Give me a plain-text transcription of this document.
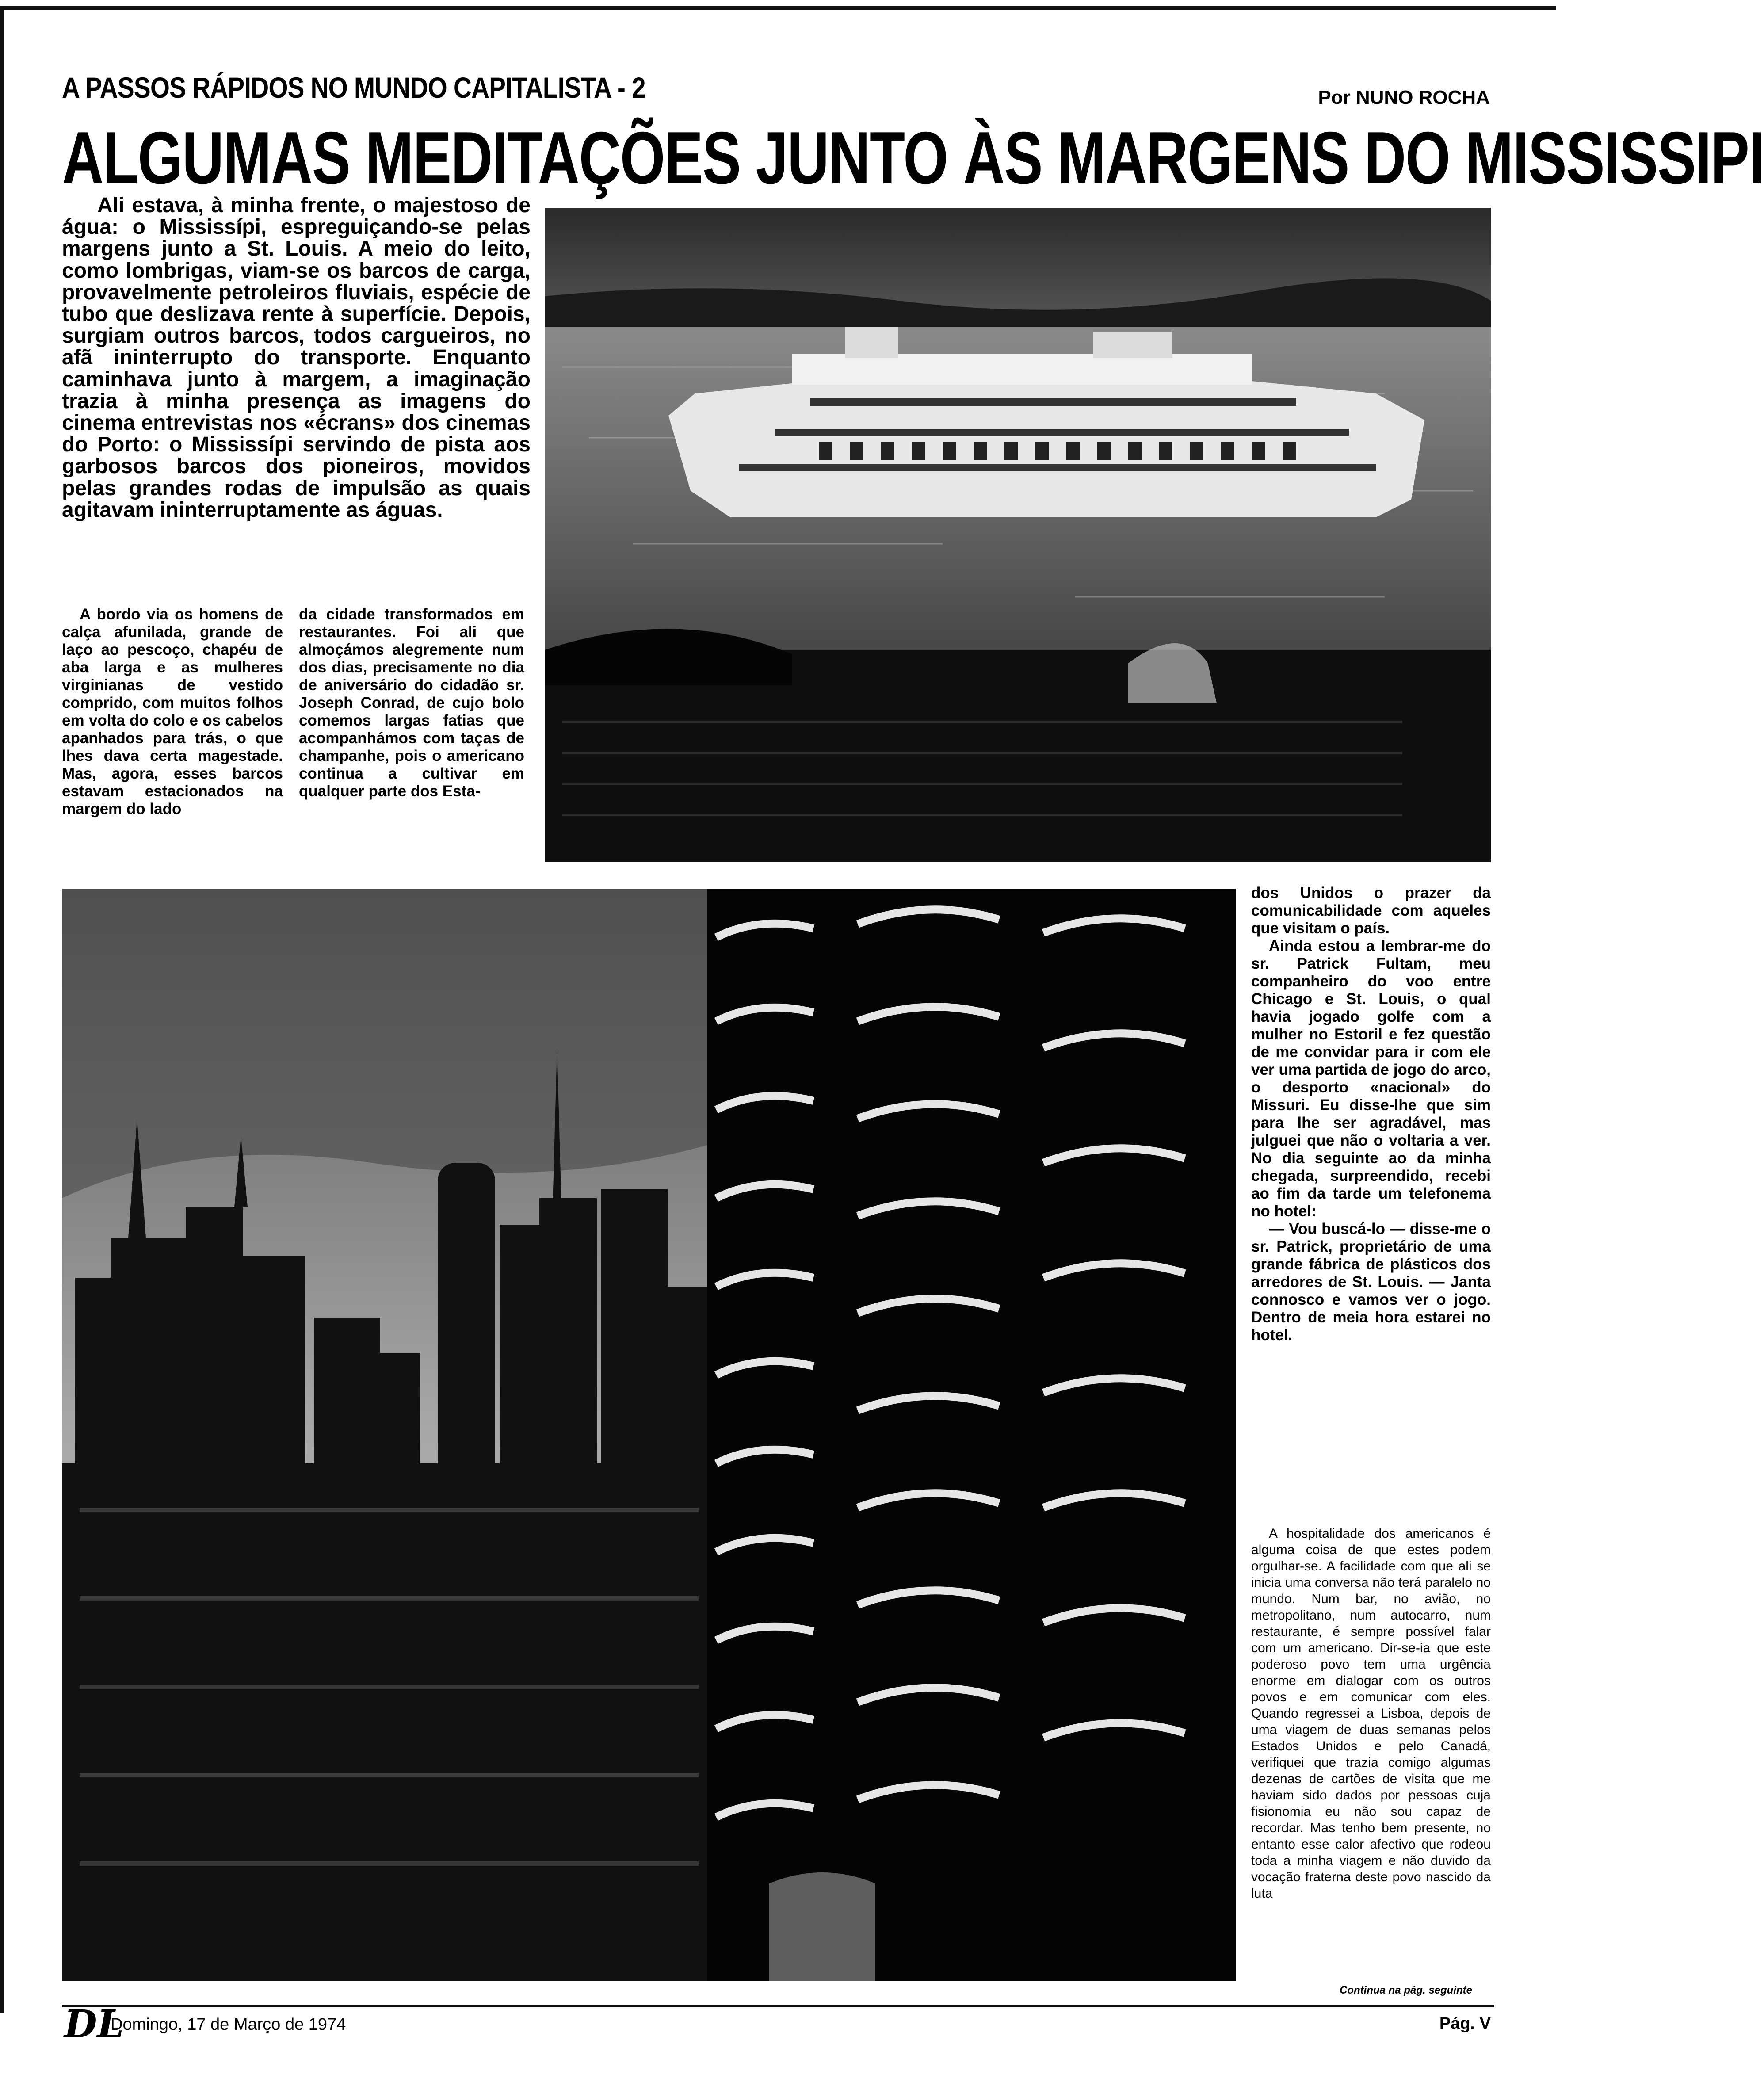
A PASSOS RÁPIDOS NO MUNDO CAPITALISTA - 2	Por NUNO ROCHA
ALGUMAS MEDITAÇÕES JUNTO ÀS MARGENS DO MISSISSIPI

Ali estava, à minha frente, o majestoso de água: o Mississípi, espreguiçando-se pelas margens junto a St. Louis. A meio do leito, como lombrigas, viam-se os barcos de carga, provavelmente petroleiros fluviais, espécie de tubo que deslizava rente à superfície. Depois, surgiam outros barcos, todos cargueiros, no afã ininterrupto do transporte. Enquanto caminhava junto à margem, a imaginação trazia à minha presença as imagens do cinema entrevistas nos «écrans» dos cinemas do Porto: o Mississípi servindo de pista aos garbosos barcos dos pioneiros, movidos pelas grandes rodas de impulsão as quais agitavam ininterruptamente as águas.

A bordo via os homens de calça afunilada, grande de laço ao pescoço, chapéu de aba larga e as mulheres virginianas de vestido comprido, com muitos folhos em volta do colo e os cabelos apanhados para trás, o que lhes dava certa magestade. Mas, agora, esses barcos estavam estacionados na margem do lado

da cidade transformados em restaurantes. Foi ali que almoçámos alegremente num dos dias, precisamente no dia de aniversário do cidadão sr. Joseph Conrad, de cujo bolo comemos largas fatias que acompanhámos com taças de champanhe, pois o americano continua a cultivar em qualquer parte dos Esta-

dos Unidos o prazer da comunicabilidade com aqueles que visitam o país.

Ainda estou a lembrar-me do sr. Patrick Fultam, meu companheiro do voo entre Chicago e St. Louis, o qual havia jogado golfe com a mulher no Estoril e fez questão de me convidar para ir com ele ver uma partida de jogo do arco, o desporto «nacional» do Missuri. Eu disse-lhe que sim para lhe ser agradável, mas julguei que não o voltaria a ver. No dia seguinte ao da minha chegada, surpreendido, recebi ao fim da tarde um telefonema no hotel:

— Vou buscá-lo — disse-me o sr. Patrick, proprietário de uma grande fábrica de plásticos dos arredores de St. Louis. — Janta connosco e vamos ver o jogo. Dentro de meia hora estarei no hotel.

A hospitalidade dos americanos é alguma coisa de que estes podem orgulhar-se. A facilidade com que ali se inicia uma conversa não terá paralelo no mundo. Num bar, no avião, no metropolitano, num autocarro, num restaurante, é sempre possível falar com um americano. Dir-se-ia que este poderoso povo tem uma urgência enorme em dialogar com os outros povos e em comunicar com eles. Quando regressei a Lisboa, depois de uma viagem de duas semanas pelos Estados Unidos e pelo Canadá, verifiquei que trazia comigo algumas dezenas de cartões de visita que me haviam sido dados por pessoas cuja fisionomia eu não sou capaz de recordar. Mas tenho bem presente, no entanto esse calor afectivo que rodeou toda a minha viagem e não duvido da vocação fraterna deste povo nascido da luta

Continua na pág. seguinte
DL
Domingo, 17 de Março de 1974	Pág. V
